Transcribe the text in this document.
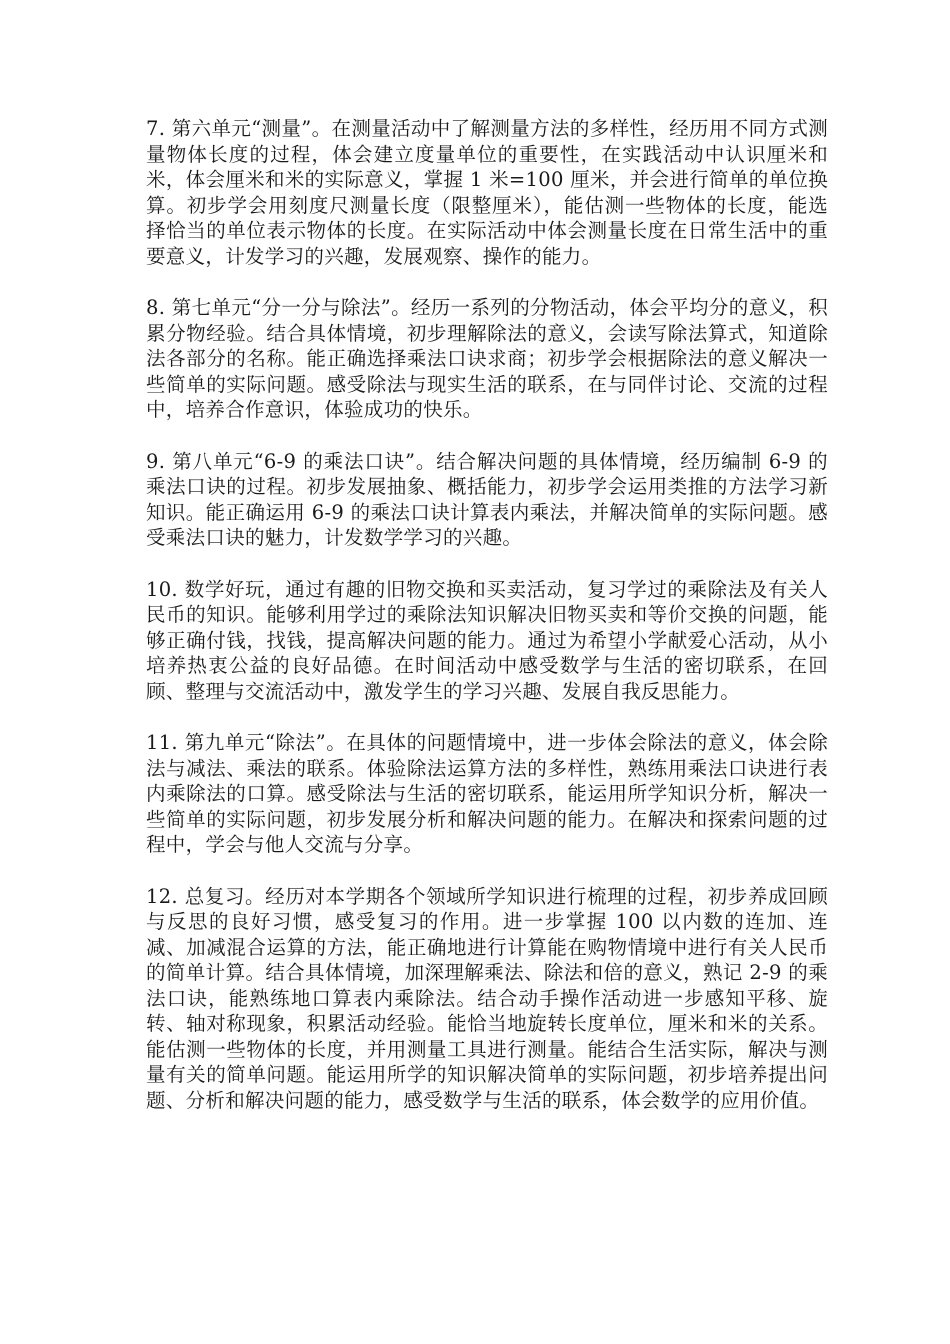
7. 第六单元“测量”。在测量活动中了解测量方法的多样性，经历用不同方式测量物体长度的过程，体会建立度量单位的重要性，在实践活动中认识厘米和米，体会厘米和米的实际意义，掌握 1 米=100 厘米，并会进行简单的单位换算。初步学会用刻度尺测量长度（限整厘米），能估测一些物体的长度，能选择恰当的单位表示物体的长度。在实际活动中体会测量长度在日常生活中的重要意义，计发学习的兴趣，发展观察、操作的能力。

8. 第七单元“分一分与除法”。经历一系列的分物活动，体会平均分的意义，积累分物经验。结合具体情境，初步理解除法的意义，会读写除法算式，知道除法各部分的名称。能正确选择乘法口诀求商；初步学会根据除法的意义解决一些简单的实际问题。感受除法与现实生活的联系，在与同伴讨论、交流的过程中，培养合作意识，体验成功的快乐。

9. 第八单元“6-9 的乘法口诀”。结合解决问题的具体情境，经历编制 6-9 的乘法口诀的过程。初步发展抽象、概括能力，初步学会运用类推的方法学习新知识。能正确运用 6-9 的乘法口诀计算表内乘法，并解决简单的实际问题。感受乘法口诀的魅力，计发数学学习的兴趣。

10. 数学好玩，通过有趣的旧物交换和买卖活动，复习学过的乘除法及有关人民币的知识。能够利用学过的乘除法知识解决旧物买卖和等价交换的问题，能够正确付钱，找钱，提高解决问题的能力。通过为希望小学献爱心活动，从小培养热衷公益的良好品德。在时间活动中感受数学与生活的密切联系，在回顾、整理与交流活动中，激发学生的学习兴趣、发展自我反思能力。

11. 第九单元“除法”。在具体的问题情境中，进一步体会除法的意义，体会除法与减法、乘法的联系。体验除法运算方法的多样性，熟练用乘法口诀进行表内乘除法的口算。感受除法与生活的密切联系，能运用所学知识分析，解决一些简单的实际问题，初步发展分析和解决问题的能力。在解决和探索问题的过程中，学会与他人交流与分享。

12. 总复习。经历对本学期各个领域所学知识进行梳理的过程，初步养成回顾与反思的良好习惯，感受复习的作用。进一步掌握 100 以内数的连加、连减、加减混合运算的方法，能正确地进行计算能在购物情境中进行有关人民币的简单计算。结合具体情境，加深理解乘法、除法和倍的意义，熟记 2-9 的乘法口诀，能熟练地口算表内乘除法。结合动手操作活动进一步感知平移、旋转、轴对称现象，积累活动经验。能恰当地旋转长度单位，厘米和米的关系。能估测一些物体的长度，并用测量工具进行测量。能结合生活实际，解决与测量有关的简单问题。能运用所学的知识解决简单的实际问题，初步培养提出问题、分析和解决问题的能力，感受数学与生活的联系，体会数学的应用价值。
